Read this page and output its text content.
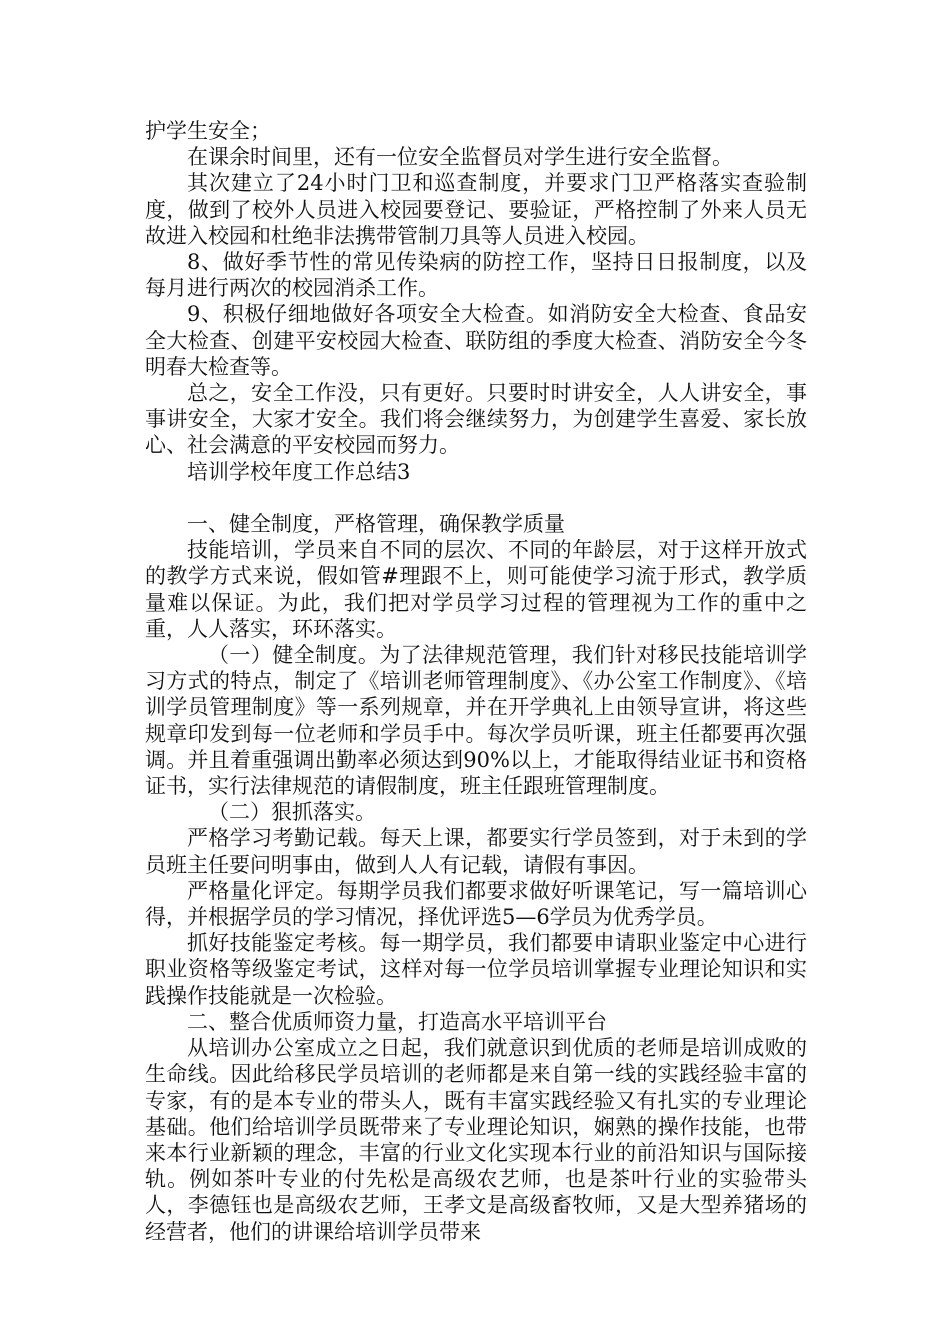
护学生安全；

在课余时间里，还有一位安全监督员对学生进行安全监督。

其次建立了24小时门卫和巡查制度，并要求门卫严格落实查验制度，做到了校外人员进入校园要登记、要验证，严格控制了外来人员无故进入校园和杜绝非法携带管制刀具等人员进入校园。

8、做好季节性的常见传染病的防控工作，坚持日日报制度，以及每月进行两次的校园消杀工作。

9、积极仔细地做好各项安全大检查。如消防安全大检查、食品安全大检查、创建平安校园大检查、联防组的季度大检查、消防安全今冬明春大检查等。

总之，安全工作没，只有更好。只要时时讲安全，人人讲安全，事事讲安全，大家才安全。我们将会继续努力，为创建学生喜爱、家长放心、社会满意的平安校园而努力。

培训学校年度工作总结3

一、健全制度，严格管理，确保教学质量

技能培训，学员来自不同的层次、不同的年龄层，对于这样开放式的教学方式来说，假如管#理跟不上，则可能使学习流于形式，教学质量难以保证。为此，我们把对学员学习过程的管理视为工作的重中之重，人人落实，环环落实。

（一）健全制度。为了法律规范管理，我们针对移民技能培训学习方式的特点，制定了《培训老师管理制度》、《办公室工作制度》、《培训学员管理制度》等一系列规章，并在开学典礼上由领导宣讲，将这些规章印发到每一位老师和学员手中。每次学员听课，班主任都要再次强调。并且着重强调出勤率必须达到90%以上，才能取得结业证书和资格证书，实行法律规范的请假制度，班主任跟班管理制度。

（二）狠抓落实。

严格学习考勤记载。每天上课，都要实行学员签到，对于未到的学员班主任要问明事由，做到人人有记载，请假有事因。

严格量化评定。每期学员我们都要求做好听课笔记，写一篇培训心得，并根据学员的学习情况，择优评选5—6学员为优秀学员。

抓好技能鉴定考核。每一期学员，我们都要申请职业鉴定中心进行职业资格等级鉴定考试，这样对每一位学员培训掌握专业理论知识和实践操作技能就是一次检验。

二、整合优质师资力量，打造高水平培训平台

从培训办公室成立之日起，我们就意识到优质的老师是培训成败的生命线。因此给移民学员培训的老师都是来自第一线的实践经验丰富的专家，有的是本专业的带头人，既有丰富实践经验又有扎实的专业理论基础。他们给培训学员既带来了专业理论知识，娴熟的操作技能，也带来本行业新颖的理念，丰富的行业文化实现本行业的前沿知识与国际接轨。例如茶叶专业的付先松是高级农艺师，也是茶叶行业的实验带头人，李德钰也是高级农艺师，王孝文是高级畜牧师，又是大型养猪场的经营者，他们的讲课给培训学员带来
